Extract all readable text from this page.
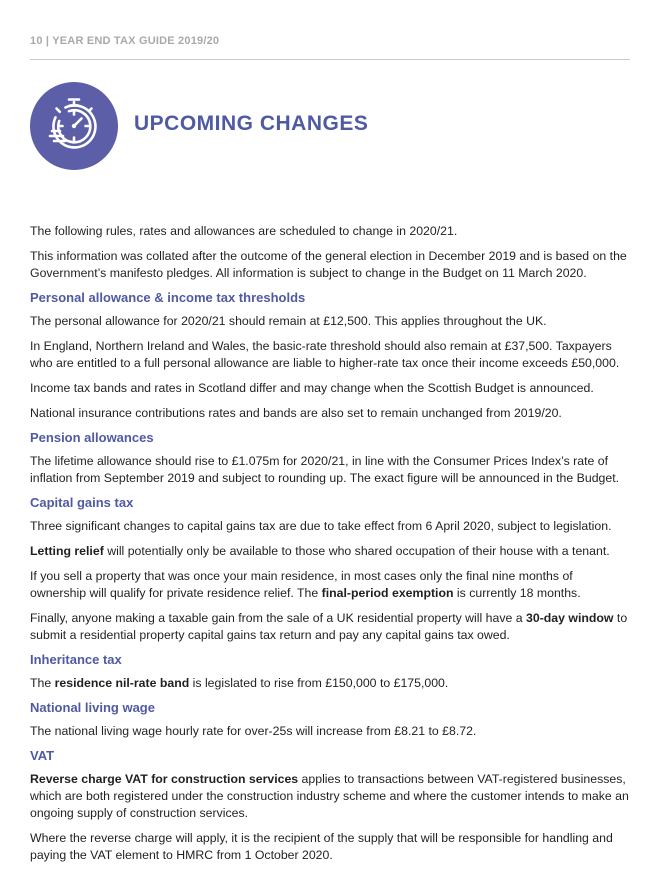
10 | YEAR END TAX GUIDE 2019/20
UPCOMING CHANGES

The following rules, rates and allowances are scheduled to change in 2020/21.

This information was collated after the outcome of the general election in December 2019 and is based on the Government’s manifesto pledges. All information is subject to change in the Budget on 11 March 2020.

Personal allowance & income tax thresholds

The personal allowance for 2020/21 should remain at £12,500. This applies throughout the UK.

In England, Northern Ireland and Wales, the basic-rate threshold should also remain at £37,500. Taxpayers who are entitled to a full personal allowance are liable to higher-rate tax once their income exceeds £50,000.

Income tax bands and rates in Scotland differ and may change when the Scottish Budget is announced.

National insurance contributions rates and bands are also set to remain unchanged from 2019/20.

Pension allowances

The lifetime allowance should rise to £1.075m for 2020/21, in line with the Consumer Prices Index’s rate of inflation from September 2019 and subject to rounding up. The exact figure will be announced in the Budget.

Capital gains tax

Three significant changes to capital gains tax are due to take effect from 6 April 2020, subject to legislation.

Letting relief will potentially only be available to those who shared occupation of their house with a tenant.

If you sell a property that was once your main residence, in most cases only the final nine months of ownership will qualify for private residence relief. The final-period exemption is currently 18 months.

Finally, anyone making a taxable gain from the sale of a UK residential property will have a 30-day window to submit a residential property capital gains tax return and pay any capital gains tax owed.

Inheritance tax

The residence nil-rate band is legislated to rise from £150,000 to £175,000.

National living wage

The national living wage hourly rate for over-25s will increase from £8.21 to £8.72.

VAT

Reverse charge VAT for construction services applies to transactions between VAT-registered businesses, which are both registered under the construction industry scheme and where the customer intends to make an ongoing supply of construction services.

Where the reverse charge will apply, it is the recipient of the supply that will be responsible for handling and paying the VAT element to HMRC from 1 October 2020.
